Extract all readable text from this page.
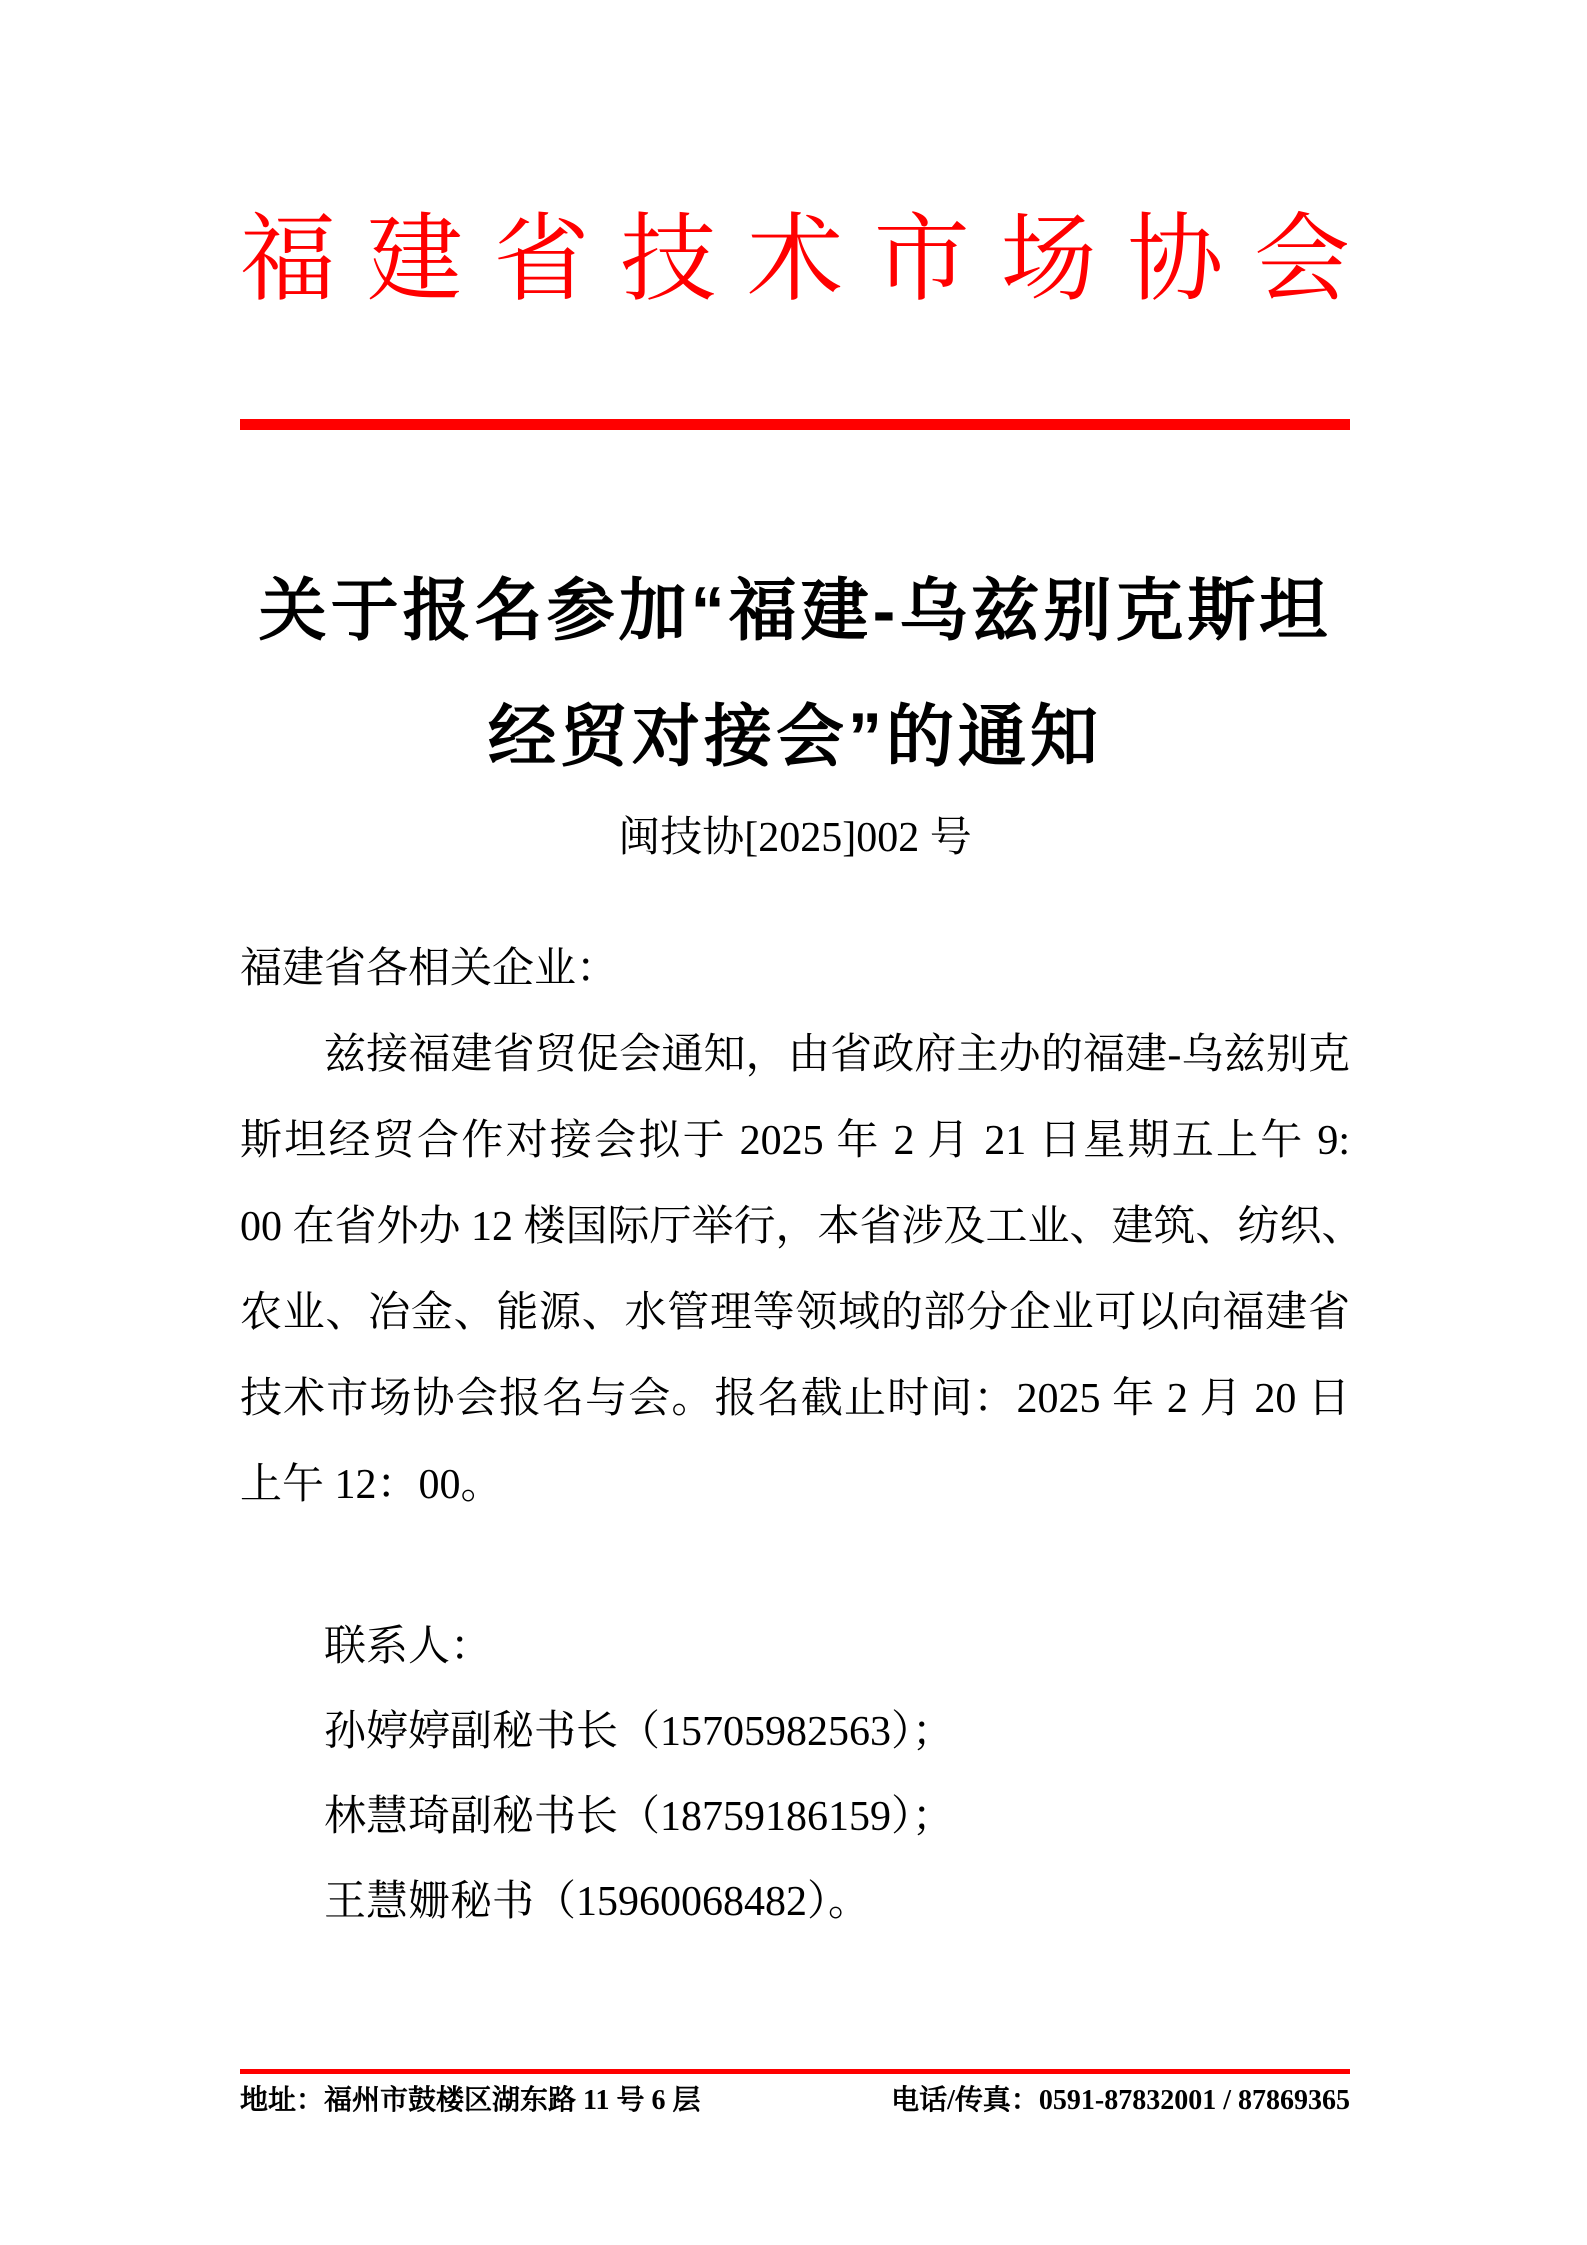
福建省技术市场协会
关于报名参加“福建-乌兹别克斯坦
经贸对接会”的通知
闽技协[2025]002 号
福建省各相关企业：
兹接福建省贸促会通知，由省政府主办的福建-乌兹别克
斯坦经贸合作对接会拟于 2025 年 2 月 21 日星期五上午 9:
00 在省外办 12 楼国际厅举行，本省涉及工业、建筑、纺织、
农业、冶金、能源、水管理等领域的部分企业可以向福建省
技术市场协会报名与会。报名截止时间：2025 年 2 月 20 日
上午 12：00。
联系人：
孙婷婷副秘书长（15705982563）；
林慧琦副秘书长（18759186159）；
王慧姗秘书（15960068482）。
地址：福州市鼓楼区湖东路 11 号 6 层	电话/传真：0591-87832001 / 87869365
